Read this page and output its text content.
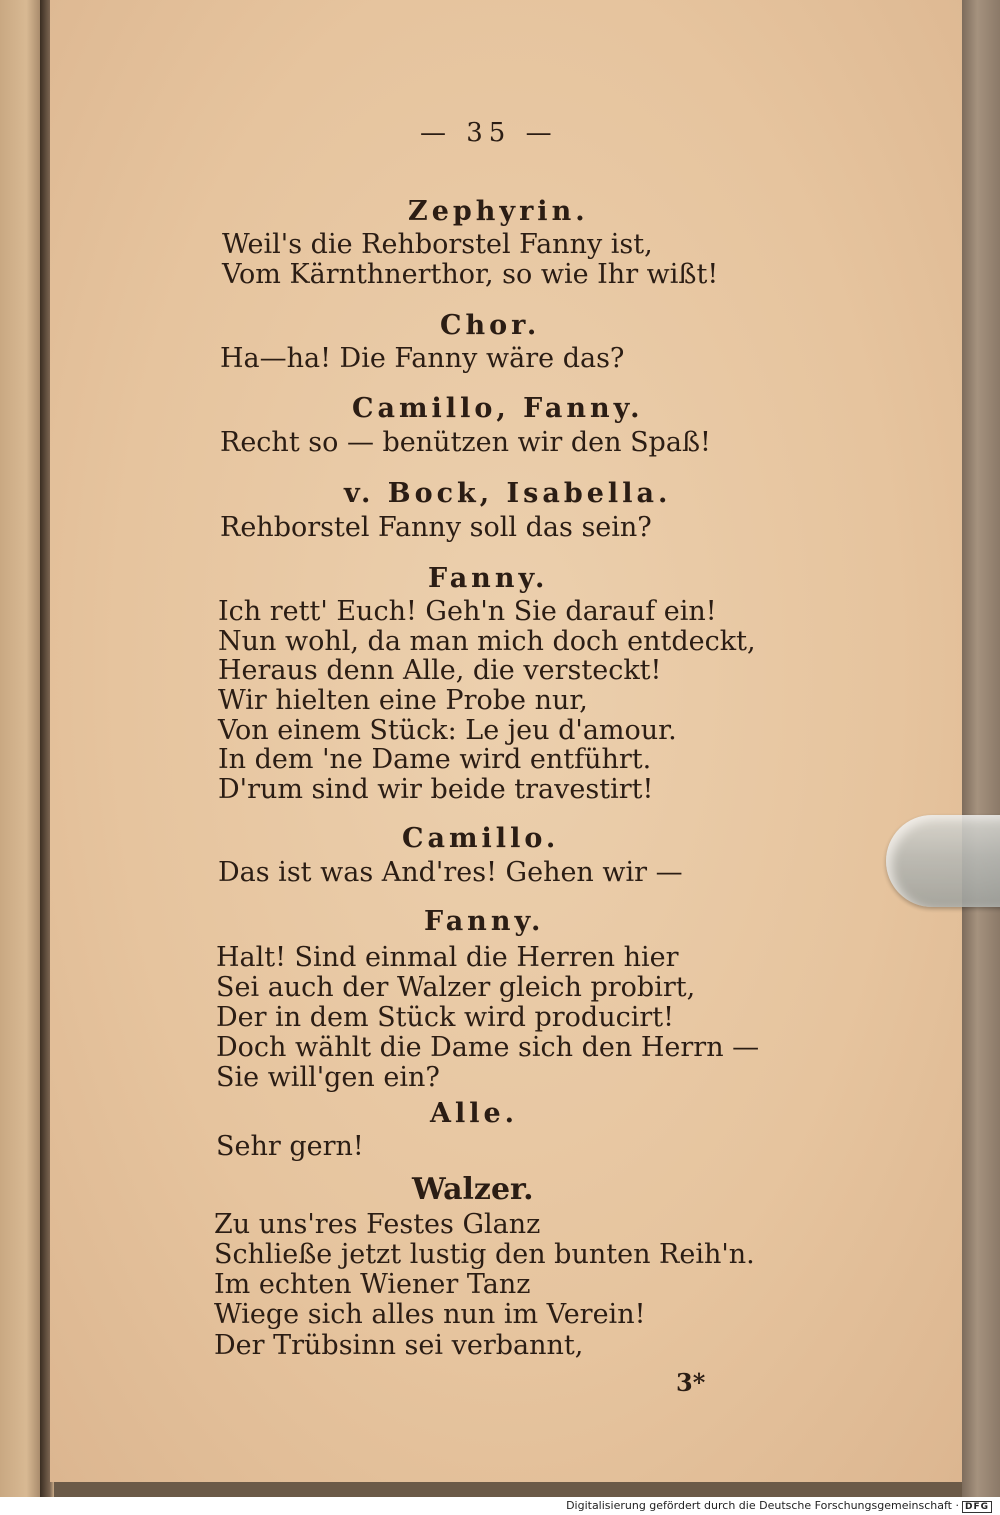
— 35 —
Zephyrin.
Weil's die Rehborstel Fanny ist,
Vom Kärnthnerthor, so wie Ihr wißt!
Chor.
Ha—ha! Die Fanny wäre das?
Camillo, Fanny.
Recht so — benützen wir den Spaß!
v. Bock, Isabella.
Rehborstel Fanny soll das sein?
Fanny.
Ich rett' Euch! Geh'n Sie darauf ein!
Nun wohl, da man mich doch entdeckt,
Heraus denn Alle, die versteckt!
Wir hielten eine Probe nur,
Von einem Stück: Le jeu d'amour.
In dem 'ne Dame wird entführt.
D'rum sind wir beide travestirt!
Camillo.
Das ist was And'res! Gehen wir —
Fanny.
Halt! Sind einmal die Herren hier
Sei auch der Walzer gleich probirt,
Der in dem Stück wird producirt!
Doch wählt die Dame sich den Herrn —
Sie will'gen ein?
Alle.
Sehr gern!
Walzer.
Zu uns'res Festes Glanz
Schließe jetzt lustig den bunten Reih'n.
Im echten Wiener Tanz
Wiege sich alles nun im Verein!
Der Trübsinn sei verbannt,
3*
Digitalisierung gefördert durch die Deutsche Forschungsgemeinschaft · DFG
